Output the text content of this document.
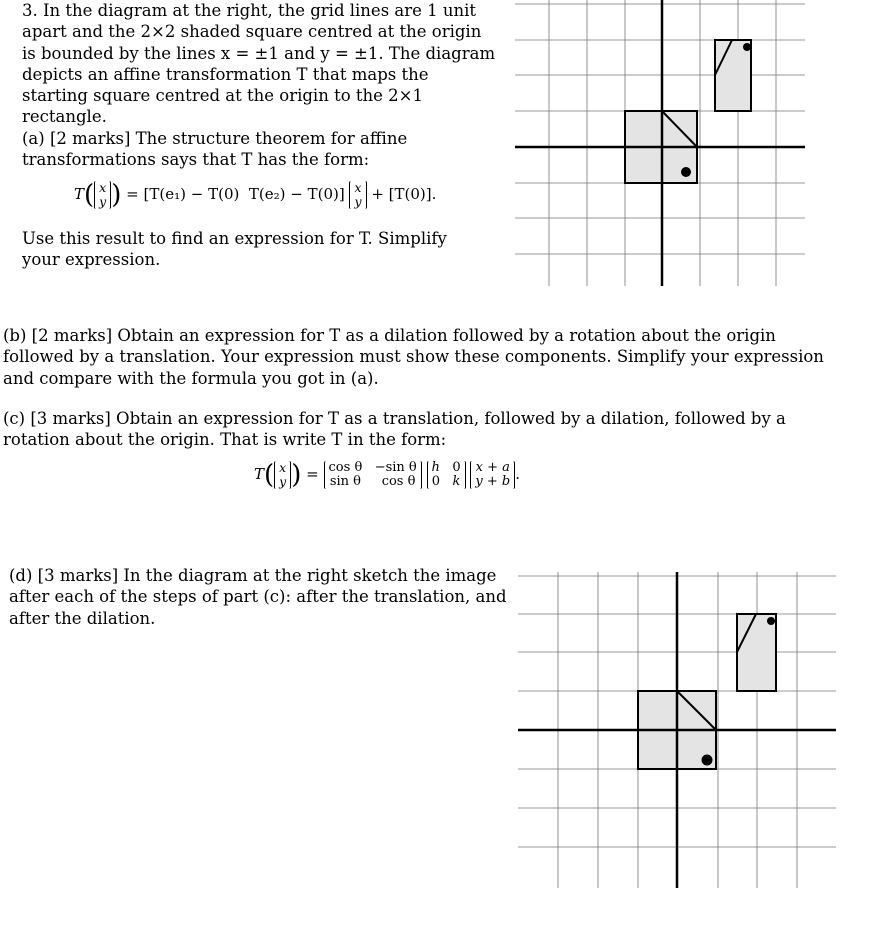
3. In the diagram at the right, the grid lines are 1 unit apart and the 2×2 shaded square centred at the origin is bounded by the lines x = ±1 and y = ±1. The diagram depicts an affine transformation T that maps the starting square centred at the origin to the 2×1 rectangle.
(a) [2 marks] The structure theorem for affine transformations says that T has the form:
T( x
y ) = [T(e₁) − T(0) T(e₂) − T(0)] x
y + [T(0)].
Use this result to find an expression for T. Simplify your expression.
(b) [2 marks] Obtain an expression for T as a dilation followed by a rotation about the origin followed by a translation. Your expression must show these components. Simplify your expression and compare with the formula you got in (a).
(c) [3 marks] Obtain an expression for T as a translation, followed by a dilation, followed by a rotation about the origin. That is write T in the form:
T( x
y ) = cos θ −sin θ
sin θ cos θ h 0
0 k x + a
y + b .
(d) [3 marks] In the diagram at the right sketch the image after each of the steps of part (c): after the translation, and after the dilation.
